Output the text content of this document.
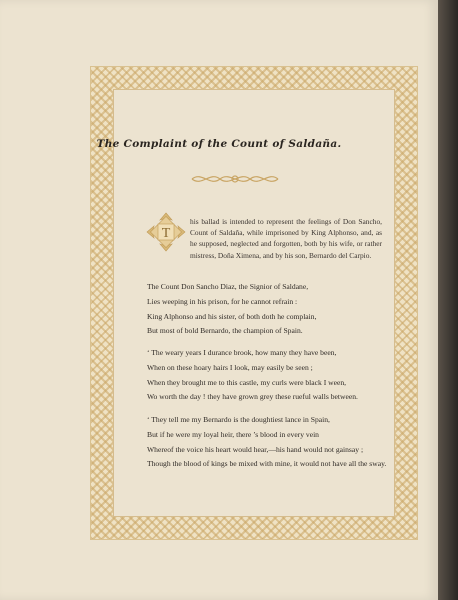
The Complaint of the Count of Saldaña.
T
his ballad is intended to represent the feelings of Don Sancho, Count of Saldaña, while imprisoned by King Alphonso, and, as he supposed, neglected and forgotten, both by his wife, or rather mistress, Doña Ximena, and by his son, Bernardo del Carpio.

The Count Don Sancho Diaz, the Signior of Saldane,

Lies weeping in his prison, for he cannot refrain :

King Alphonso and his sister, of both doth he complain,

But most of bold Bernardo, the champion of Spain.

‘ The weary years I durance brook, how many they have been,

When on these hoary hairs I look, may easily be seen ;

When they brought me to this castle, my curls were black I ween,

Wo worth the day ! they have grown grey these rueful walls between.

‘ They tell me my Bernardo is the doughtiest lance in Spain,

But if he were my loyal heir, there ’s blood in every vein

Whereof the voice his heart would hear,—his hand would not gainsay ;

Though the blood of kings be mixed with mine, it would not have all the sway.
